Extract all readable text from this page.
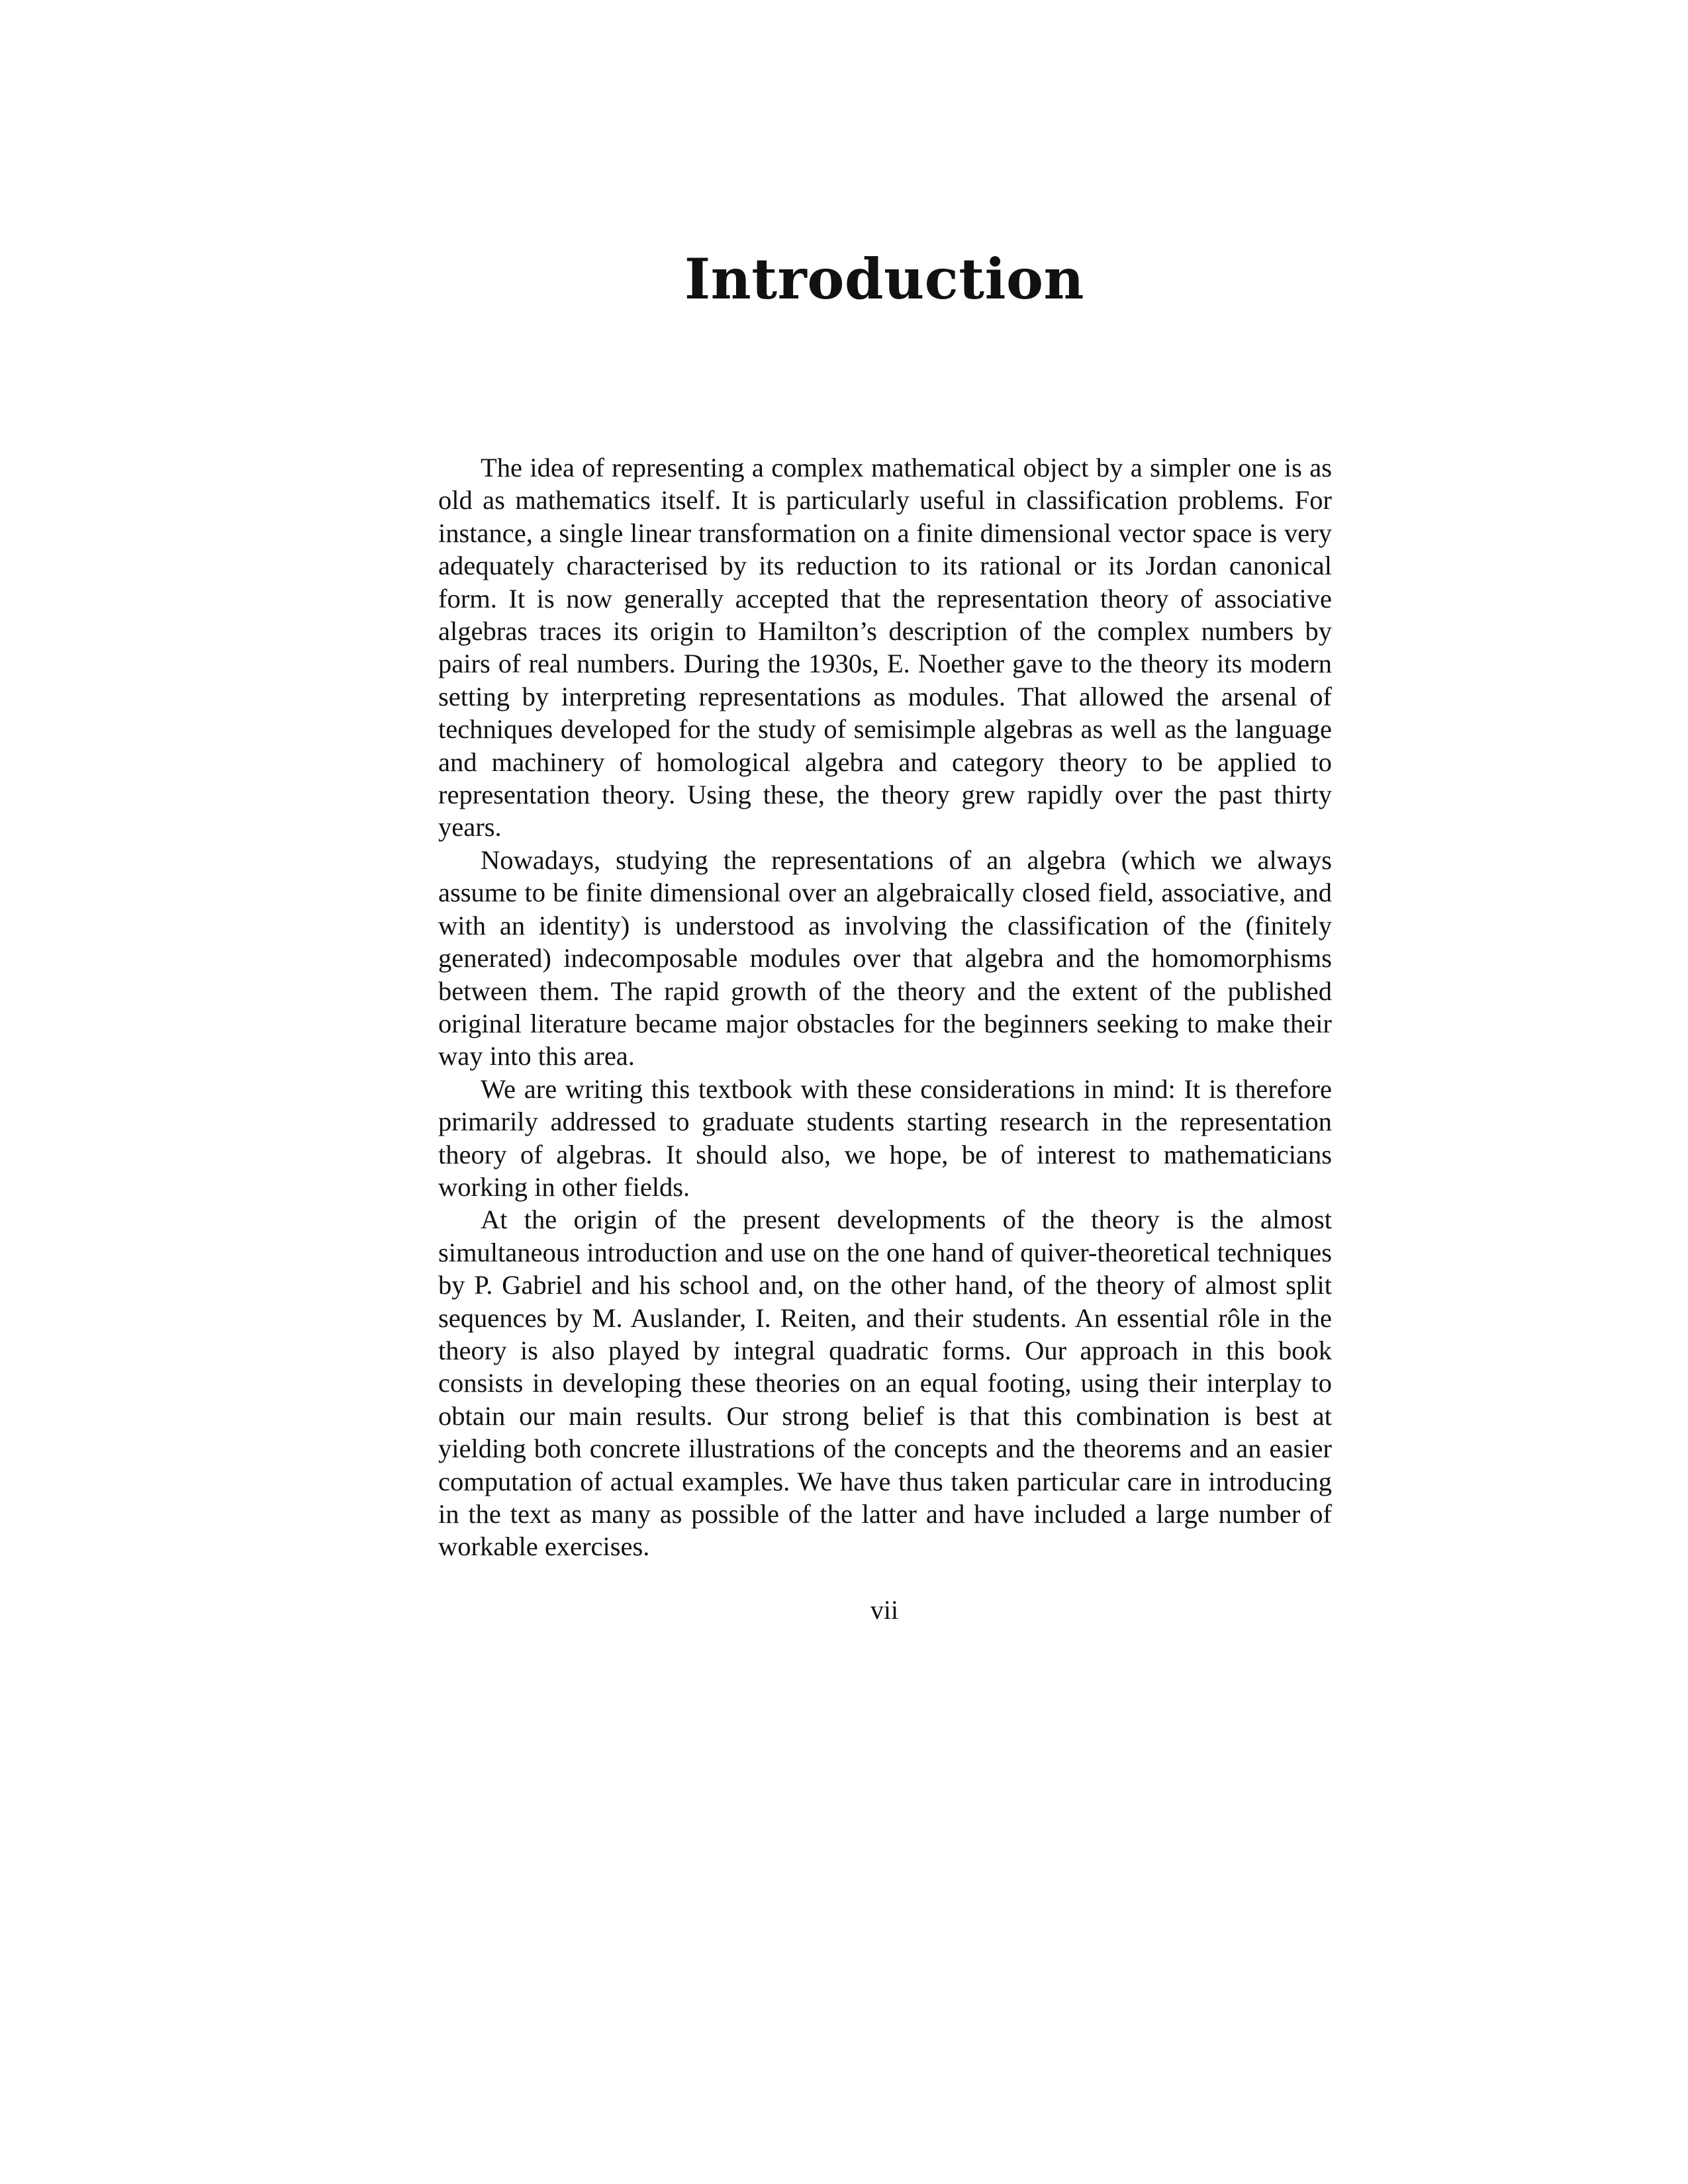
Introduction

The idea of representing a complex mathematical object by a simpler one is as old as mathematics itself. It is particularly useful in classification problems. For instance, a single linear transformation on a finite dimensional vector space is very adequately characterised by its reduction to its rational or its Jordan canonical form. It is now generally accepted that the representation theory of associative algebras traces its origin to Hamilton’s description of the complex numbers by pairs of real numbers. During the 1930s, E. Noether gave to the theory its modern setting by interpreting representations as modules. That allowed the arsenal of techniques developed for the study of semisimple algebras as well as the language and machinery of homological algebra and category theory to be applied to representation theory. Using these, the theory grew rapidly over the past thirty years.

Nowadays, studying the representations of an algebra (which we always assume to be finite dimensional over an algebraically closed field, associative, and with an identity) is understood as involving the classification of the (finitely generated) indecomposable modules over that algebra and the homomorphisms between them. The rapid growth of the theory and the extent of the published original literature became major obstacles for the beginners seeking to make their way into this area.

We are writing this textbook with these considerations in mind: It is therefore primarily addressed to graduate students starting research in the representation theory of algebras. It should also, we hope, be of interest to mathematicians working in other fields.

At the origin of the present developments of the theory is the almost simultaneous introduction and use on the one hand of quiver-theoretical techniques by P. Gabriel and his school and, on the other hand, of the theory of almost split sequences by M. Auslander, I. Reiten, and their students. An essential rôle in the theory is also played by integral quadratic forms. Our approach in this book consists in developing these theories on an equal footing, using their interplay to obtain our main results. Our strong belief is that this combination is best at yielding both concrete illustrations of the concepts and the theorems and an easier computation of actual examples. We have thus taken particular care in introducing in the text as many as possible of the latter and have included a large number of workable exercises.

vii
